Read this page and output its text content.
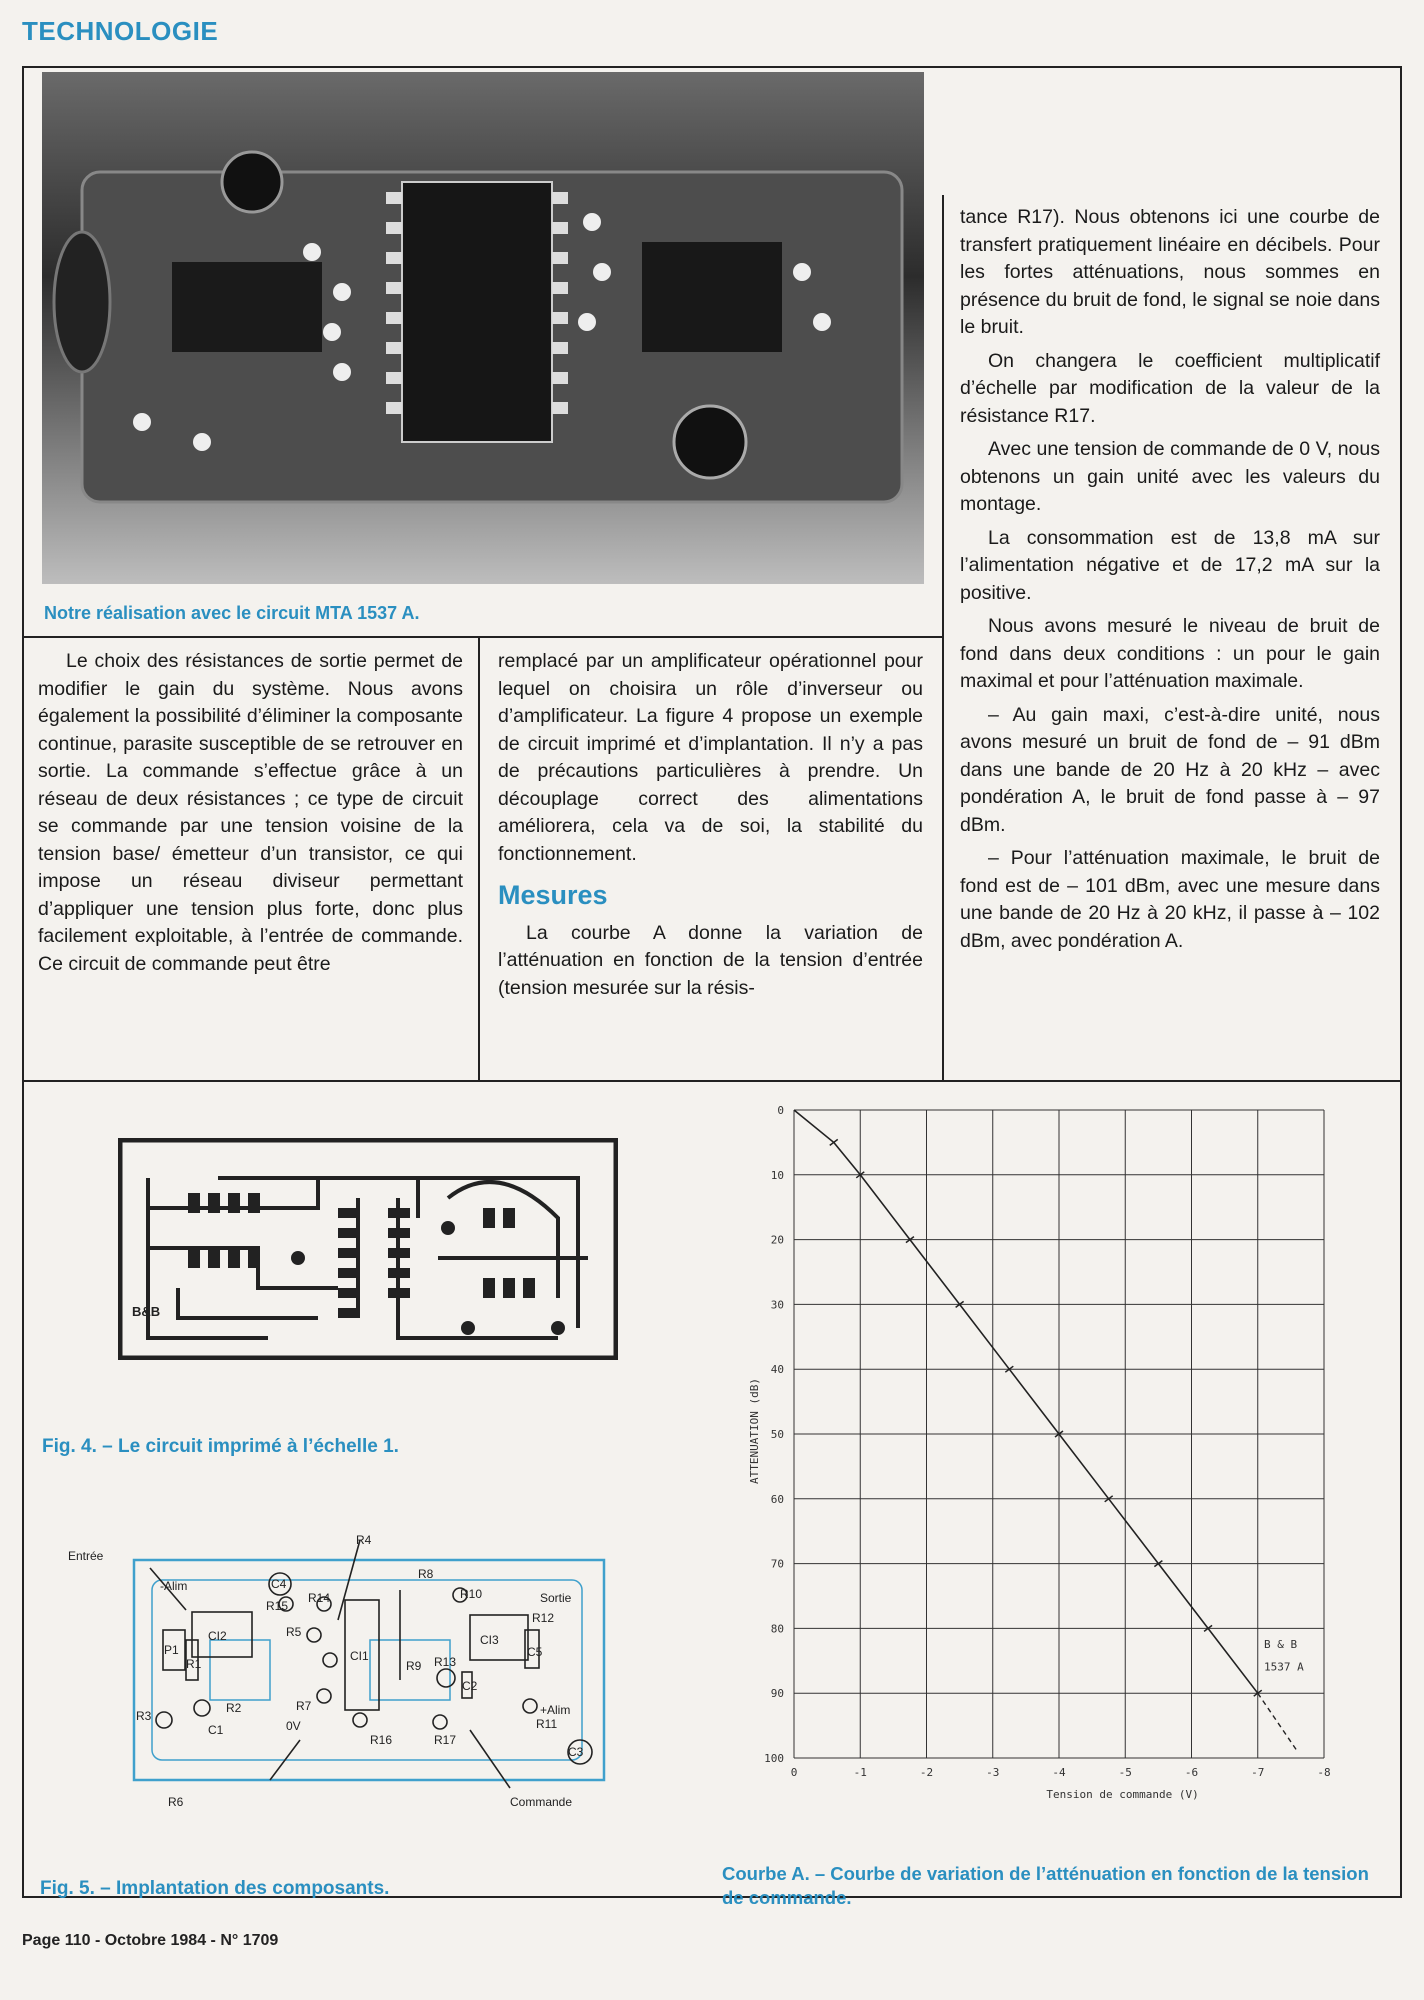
TECHNOLOGIE
Notre réalisation avec le circuit MTA 1537 A.

Le choix des résistances de sortie permet de modifier le gain du système. Nous avons également la possibilité d’éliminer la composante continue, parasite susceptible de se retrouver en sortie. La commande s’effectue grâce à un réseau de deux résistances ; ce type de circuit se commande par une tension voisine de la tension base/ émetteur d’un transistor, ce qui impose un réseau diviseur permettant d’appliquer une tension plus forte, donc plus facilement exploitable, à l’entrée de commande. Ce circuit de commande peut être

remplacé par un amplificateur opérationnel pour lequel on choisira un rôle d’inverseur ou d’amplificateur. La figure 4 propose un exemple de circuit imprimé et d’implantation. Il n’y a pas de précautions particulières à prendre. Un découplage correct des alimentations améliorera, cela va de soi, la stabilité du fonctionnement.

Mesures

La courbe A donne la variation de l’atténuation en fonction de la tension d’entrée (tension mesurée sur la résis-

tance R17). Nous obtenons ici une courbe de transfert pratiquement linéaire en décibels. Pour les fortes atténuations, nous sommes en présence du bruit de fond, le signal se noie dans le bruit.

On changera le coefficient multiplicatif d’échelle par modification de la valeur de la résistance R17.

Avec une tension de commande de 0 V, nous obtenons un gain unité avec les valeurs du montage.

La consommation est de 13,8 mA sur l’alimentation négative et de 17,2 mA sur la positive.

Nous avons mesuré le niveau de bruit de fond dans deux conditions : un pour le gain maximal et pour l’atténuation maximale.

– Au gain maxi, c’est-à-dire unité, nous avons mesuré un bruit de fond de – 91 dBm dans une bande de 20 Hz à 20 kHz – avec pondération A, le bruit de fond passe à – 97 dBm.

– Pour l’atténuation maximale, le bruit de fond est de – 101 dBm, avec une mesure dans une bande de 20 Hz à 20 kHz, il passe à – 102 dBm, avec pondération A.

B&B
Fig. 4. – Le circuit imprimé à l’échelle 1.
Entrée
-Alim	C4
R15
R14
R4
R8
R10	Sortie
R12
C5
P1
R1
CI2	R5
CI1
R9
CI3
R13
C2
R3
R2	R7	+Alim
R11
C1	0V
R16	R17
C3
R6	Commande
Fig. 5. – Implantation des composants.
0	-1	-2	-3	-4	-5	-6	-7	-8
0
10
20
30
40
50
60
70
80
90
100
ATTENUATION (dB)
Tension de commande (V)
B & B
1537 A
Courbe A. – Courbe de variation de l’atténuation en fonction de la tension de commande.
Page 110 - Octobre 1984 - N° 1709
